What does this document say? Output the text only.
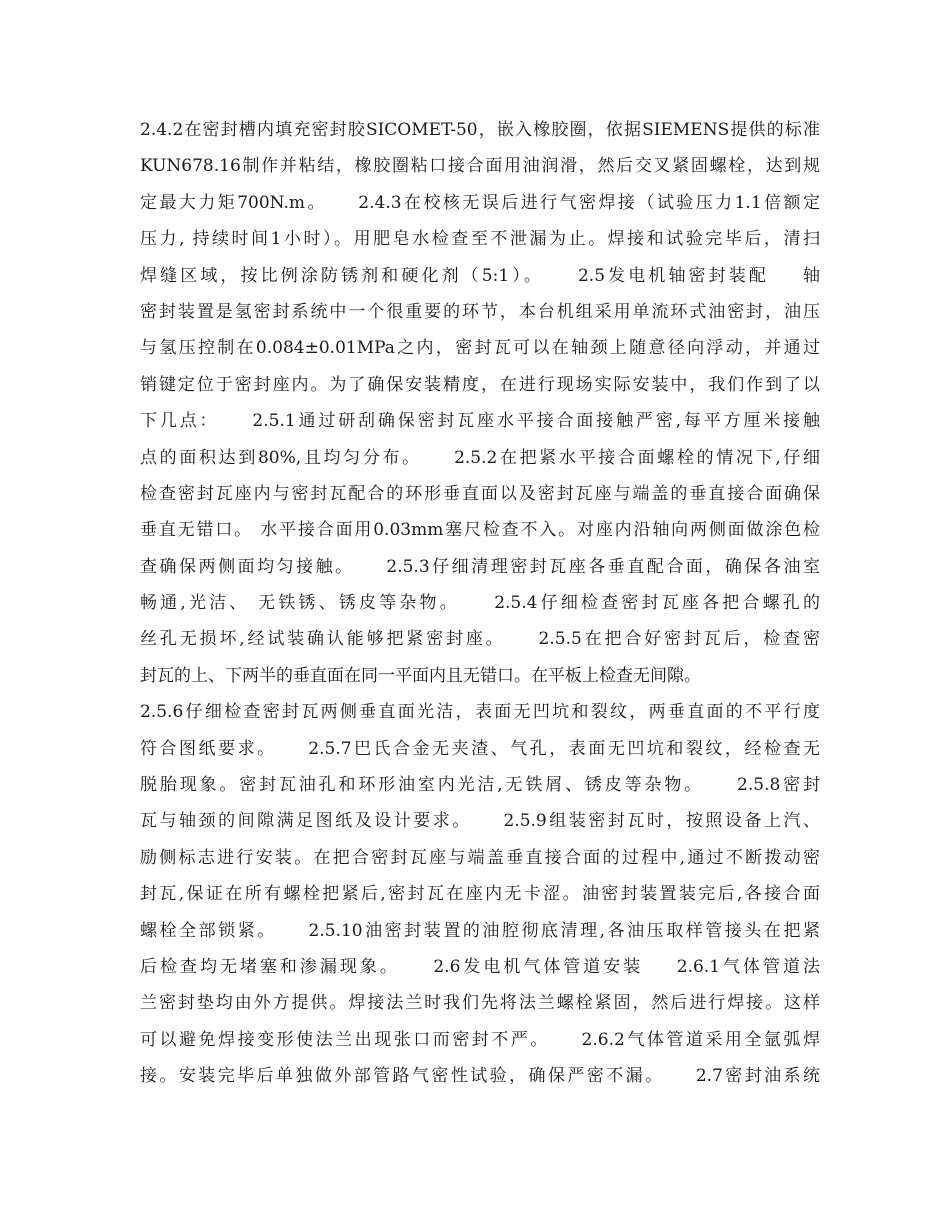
2.4.2在密封槽内填充密封胶SICOMET-50，嵌入橡胶圈，依据SIEMENS提供的标准
KUN678.16制作并粘结，橡胶圈粘口接合面用油润滑，然后交叉紧固螺栓，达到规
定最大力矩700N.m。    2.4.3在校核无误后进行气密焊接（试验压力1.1倍额定
压力, 持续时间1小时）。用肥皂水检查至不泄漏为止。焊接和试验完毕后，清扫
焊缝区域，按比例涂防锈剂和硬化剂（5:1）。    2.5发电机轴密封装配    轴
密封装置是氢密封系统中一个很重要的环节，本台机组采用单流环式油密封，油压
与氢压控制在0.084±0.01MPa之内，密封瓦可以在轴颈上随意径向浮动，并通过
销键定位于密封座内。为了确保安装精度，在进行现场实际安装中，我们作到了以
下几点：    2.5.1通过研刮确保密封瓦座水平接合面接触严密,每平方厘米接触
点的面积达到80%,且均匀分布。    2.5.2在把紧水平接合面螺栓的情况下,仔细
检查密封瓦座内与密封瓦配合的环形垂直面以及密封瓦座与端盖的垂直接合面确保
垂直无错口。 水平接合面用0.03mm塞尺检查不入。对座内沿轴向两侧面做涂色检
查确保两侧面均匀接触。    2.5.3仔细清理密封瓦座各垂直配合面，确保各油室
畅通,光洁、 无铁锈、锈皮等杂物。    2.5.4仔细检查密封瓦座各把合螺孔的
丝孔无损坏,经试装确认能够把紧密封座。    2.5.5在把合好密封瓦后，检查密
封瓦的上、下两半的垂直面在同一平面内且无错口。在平板上检查无间隙。
2.5.6仔细检查密封瓦两侧垂直面光洁，表面无凹坑和裂纹，两垂直面的不平行度
符合图纸要求。    2.5.7巴氏合金无夹渣、气孔，表面无凹坑和裂纹，经检查无
脱胎现象。密封瓦油孔和环形油室内光洁,无铁屑、锈皮等杂物。    2.5.8密封
瓦与轴颈的间隙满足图纸及设计要求。    2.5.9组装密封瓦时，按照设备上汽、
励侧标志进行安装。在把合密封瓦座与端盖垂直接合面的过程中,通过不断拨动密
封瓦,保证在所有螺栓把紧后,密封瓦在座内无卡涩。油密封装置装完后,各接合面
螺栓全部锁紧。    2.5.10油密封装置的油腔彻底清理,各油压取样管接头在把紧
后检查均无堵塞和渗漏现象。    2.6发电机气体管道安装    2.6.1气体管道法
兰密封垫均由外方提供。焊接法兰时我们先将法兰螺栓紧固，然后进行焊接。这样
可以避免焊接变形使法兰出现张口而密封不严。    2.6.2气体管道采用全氩弧焊
接。安装完毕后单独做外部管路气密性试验，确保严密不漏。    2.7密封油系统
